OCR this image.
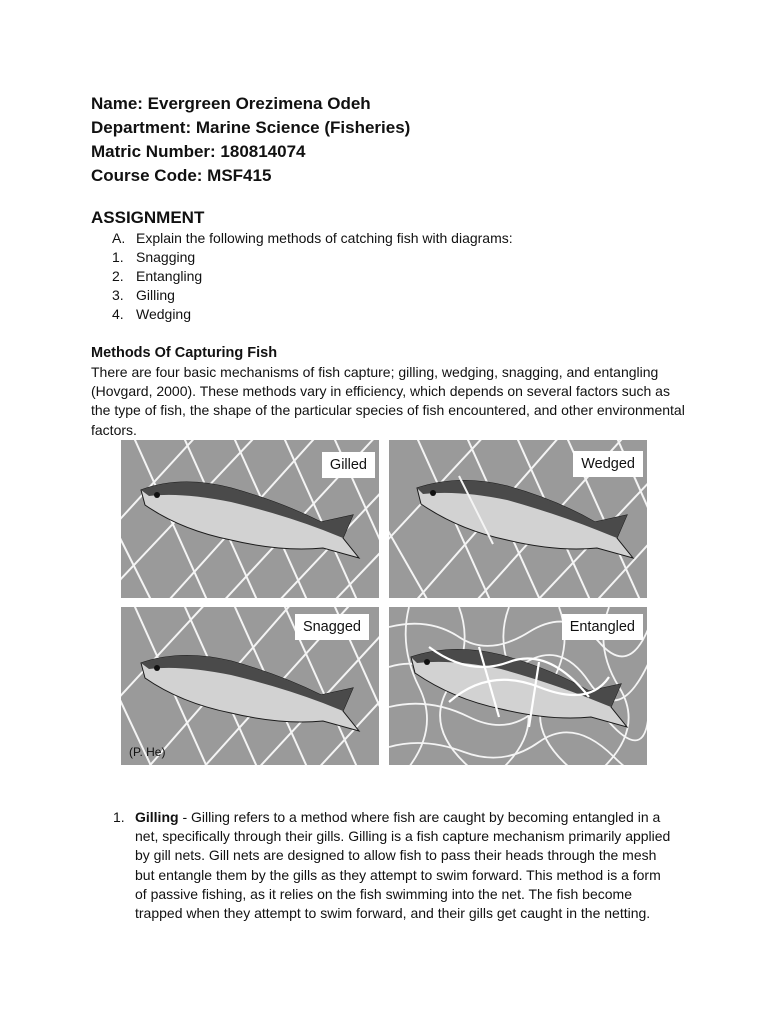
Name: Evergreen Orezimena Odeh
Department: Marine Science (Fisheries)
Matric Number: 180814074
Course Code: MSF415
ASSIGNMENT
A. Explain the following methods of catching fish with diagrams:
1. Snagging
2. Entangling
3. Gilling
4. Wedging
Methods Of Capturing Fish

There are four basic mechanisms of fish capture; gilling, wedging, snagging, and entangling (Hovgard, 2000). These methods vary in efficiency, which depends on several factors such as the type of fish, the shape of the particular species of fish encountered, and other environmental factors.

Gilled	Wedged
Snagged
(P. He)
Entangled
1. Gilling - Gilling refers to a method where fish are caught by becoming entangled in a net, specifically through their gills. Gilling is a fish capture mechanism primarily applied by gill nets. Gill nets are designed to allow fish to pass their heads through the mesh but entangle them by the gills as they attempt to swim forward. This method is a form of passive fishing, as it relies on the fish swimming into the net. The fish become trapped when they attempt to swim forward, and their gills get caught in the netting.
